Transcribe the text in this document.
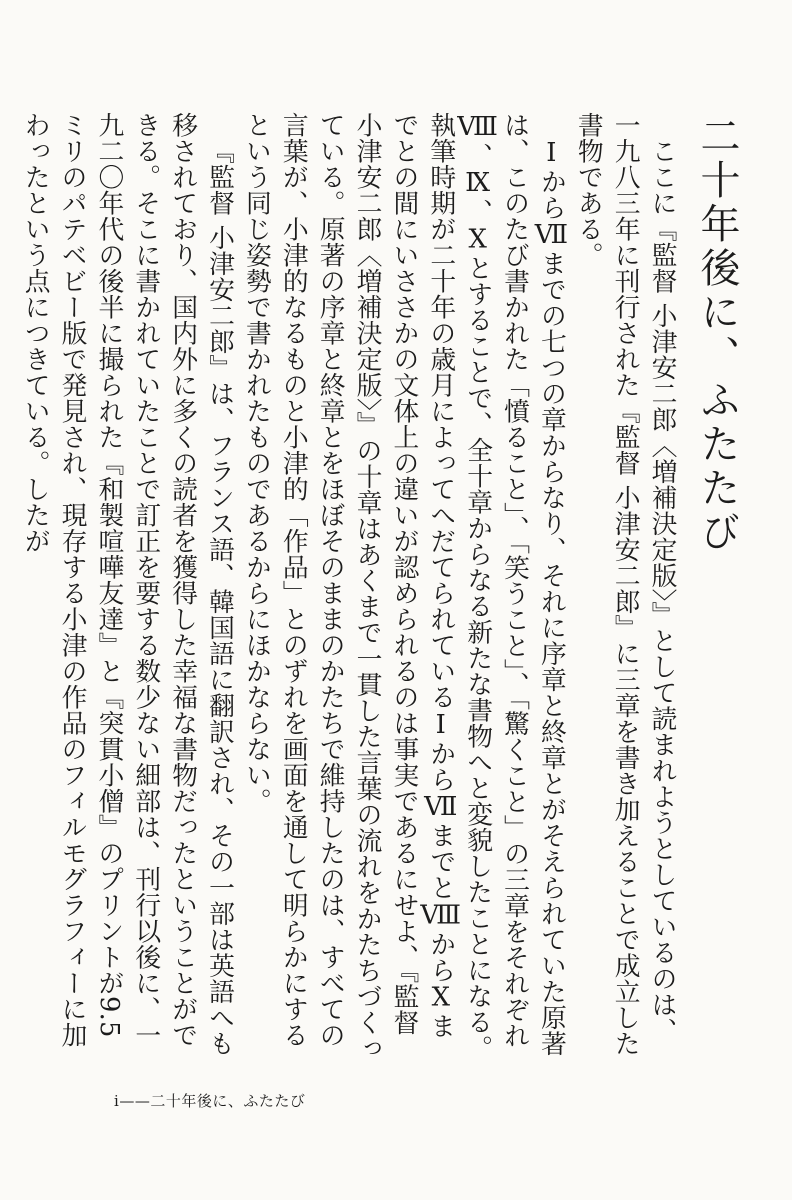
二十年後に、ふたたび

ここに『監督 小津安二郎〈増補決定版〉』として読まれようとしているのは、一九八三年に刊行された『監督 小津安二郎』に三章を書き加えることで成立した書物である。

ⅠからⅦまでの七つの章からなり、それに序章と終章とがそえられていた原著は、このたび書かれた「憤ること」、「笑うこと」、「驚くこと」の三章をそれぞれⅧ、Ⅸ、Ⅹとすることで、全十章からなる新たな書物へと変貌したことになる。執筆時期が二十年の歳月によってへだてられているⅠからⅦまでとⅧからⅩまでとの間にいささかの文体上の違いが認められるのは事実であるにせよ、『監督 小津安二郎〈増補決定版〉』の十章はあくまで一貫した言葉の流れをかたちづくっている。原著の序章と終章とをほぼそのままのかたちで維持したのは、すべての言葉が、小津的なるものと小津的「作品」とのずれを画面を通して明らかにするという同じ姿勢で書かれたものであるからにほかならない。

『監督 小津安二郎』は、フランス語、韓国語に翻訳され、その一部は英語へも移されており、国内外に多くの読者を獲得した幸福な書物だったということができる。そこに書かれていたことで訂正を要する数少ない細部は、刊行以後に、一九二〇年代の後半に撮られた『和製喧嘩友達』と『突貫小僧』のプリントが9.5ミリのパテベビー版で発見され、現存する小津の作品のフィルモグラフィーに加わったという点につきている。したが

i——二十年後に、ふたたび
